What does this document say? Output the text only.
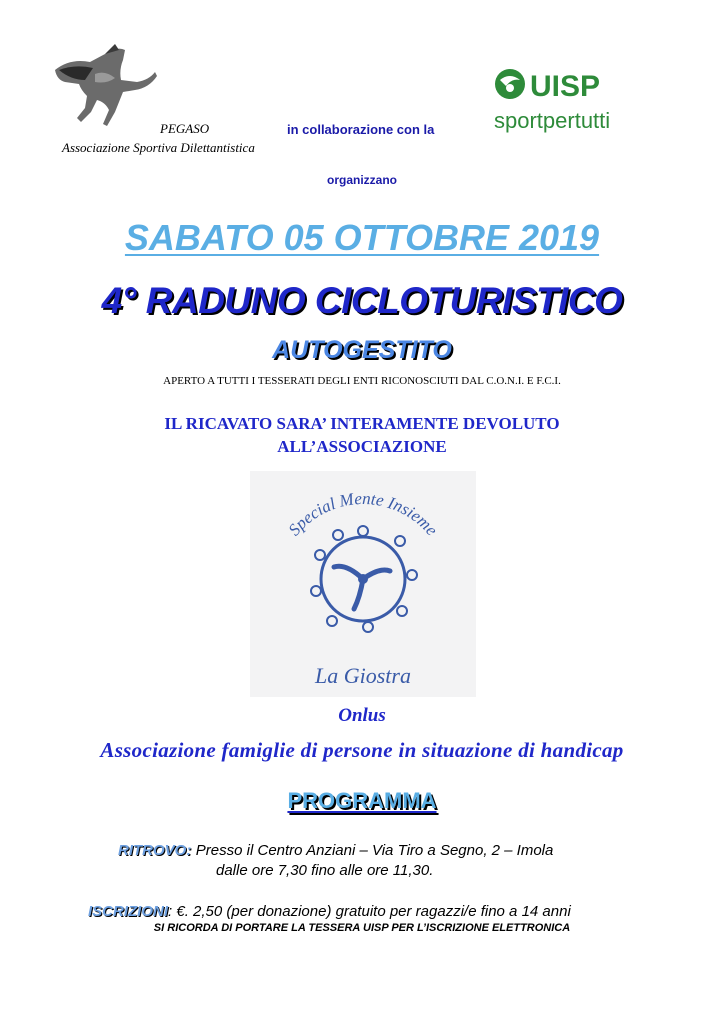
UISP
sportpertutti
PEGASO
Associazione Sportiva Dilettantistica
in collaborazione con la
organizzano
SABATO 05 OTTOBRE 2019
4° RADUNO CICLOTURISTICO
AUTOGESTITO
APERTO A TUTTI I TESSERATI DEGLI ENTI RICONOSCIUTI DAL C.O.N.I. E F.C.I.
IL RICAVATO SARA’ INTERAMENTE DEVOLUTO
ALL’ASSOCIAZIONE
Special Mente Insieme
La Giostra
Onlus
Associazione famiglie di persone in situazione di handicap
PROGRAMMA
RITROVO: Presso il Centro Anziani – Via Tiro a Segno, 2 – Imola
dalle ore 7,30 fino alle ore 11,30.
ISCRIZIONI: €. 2,50 (per donazione) gratuito per ragazzi/e fino a 14 anni
SI RICORDA DI PORTARE LA TESSERA UISP PER L’ISCRIZIONE ELETTRONICA
